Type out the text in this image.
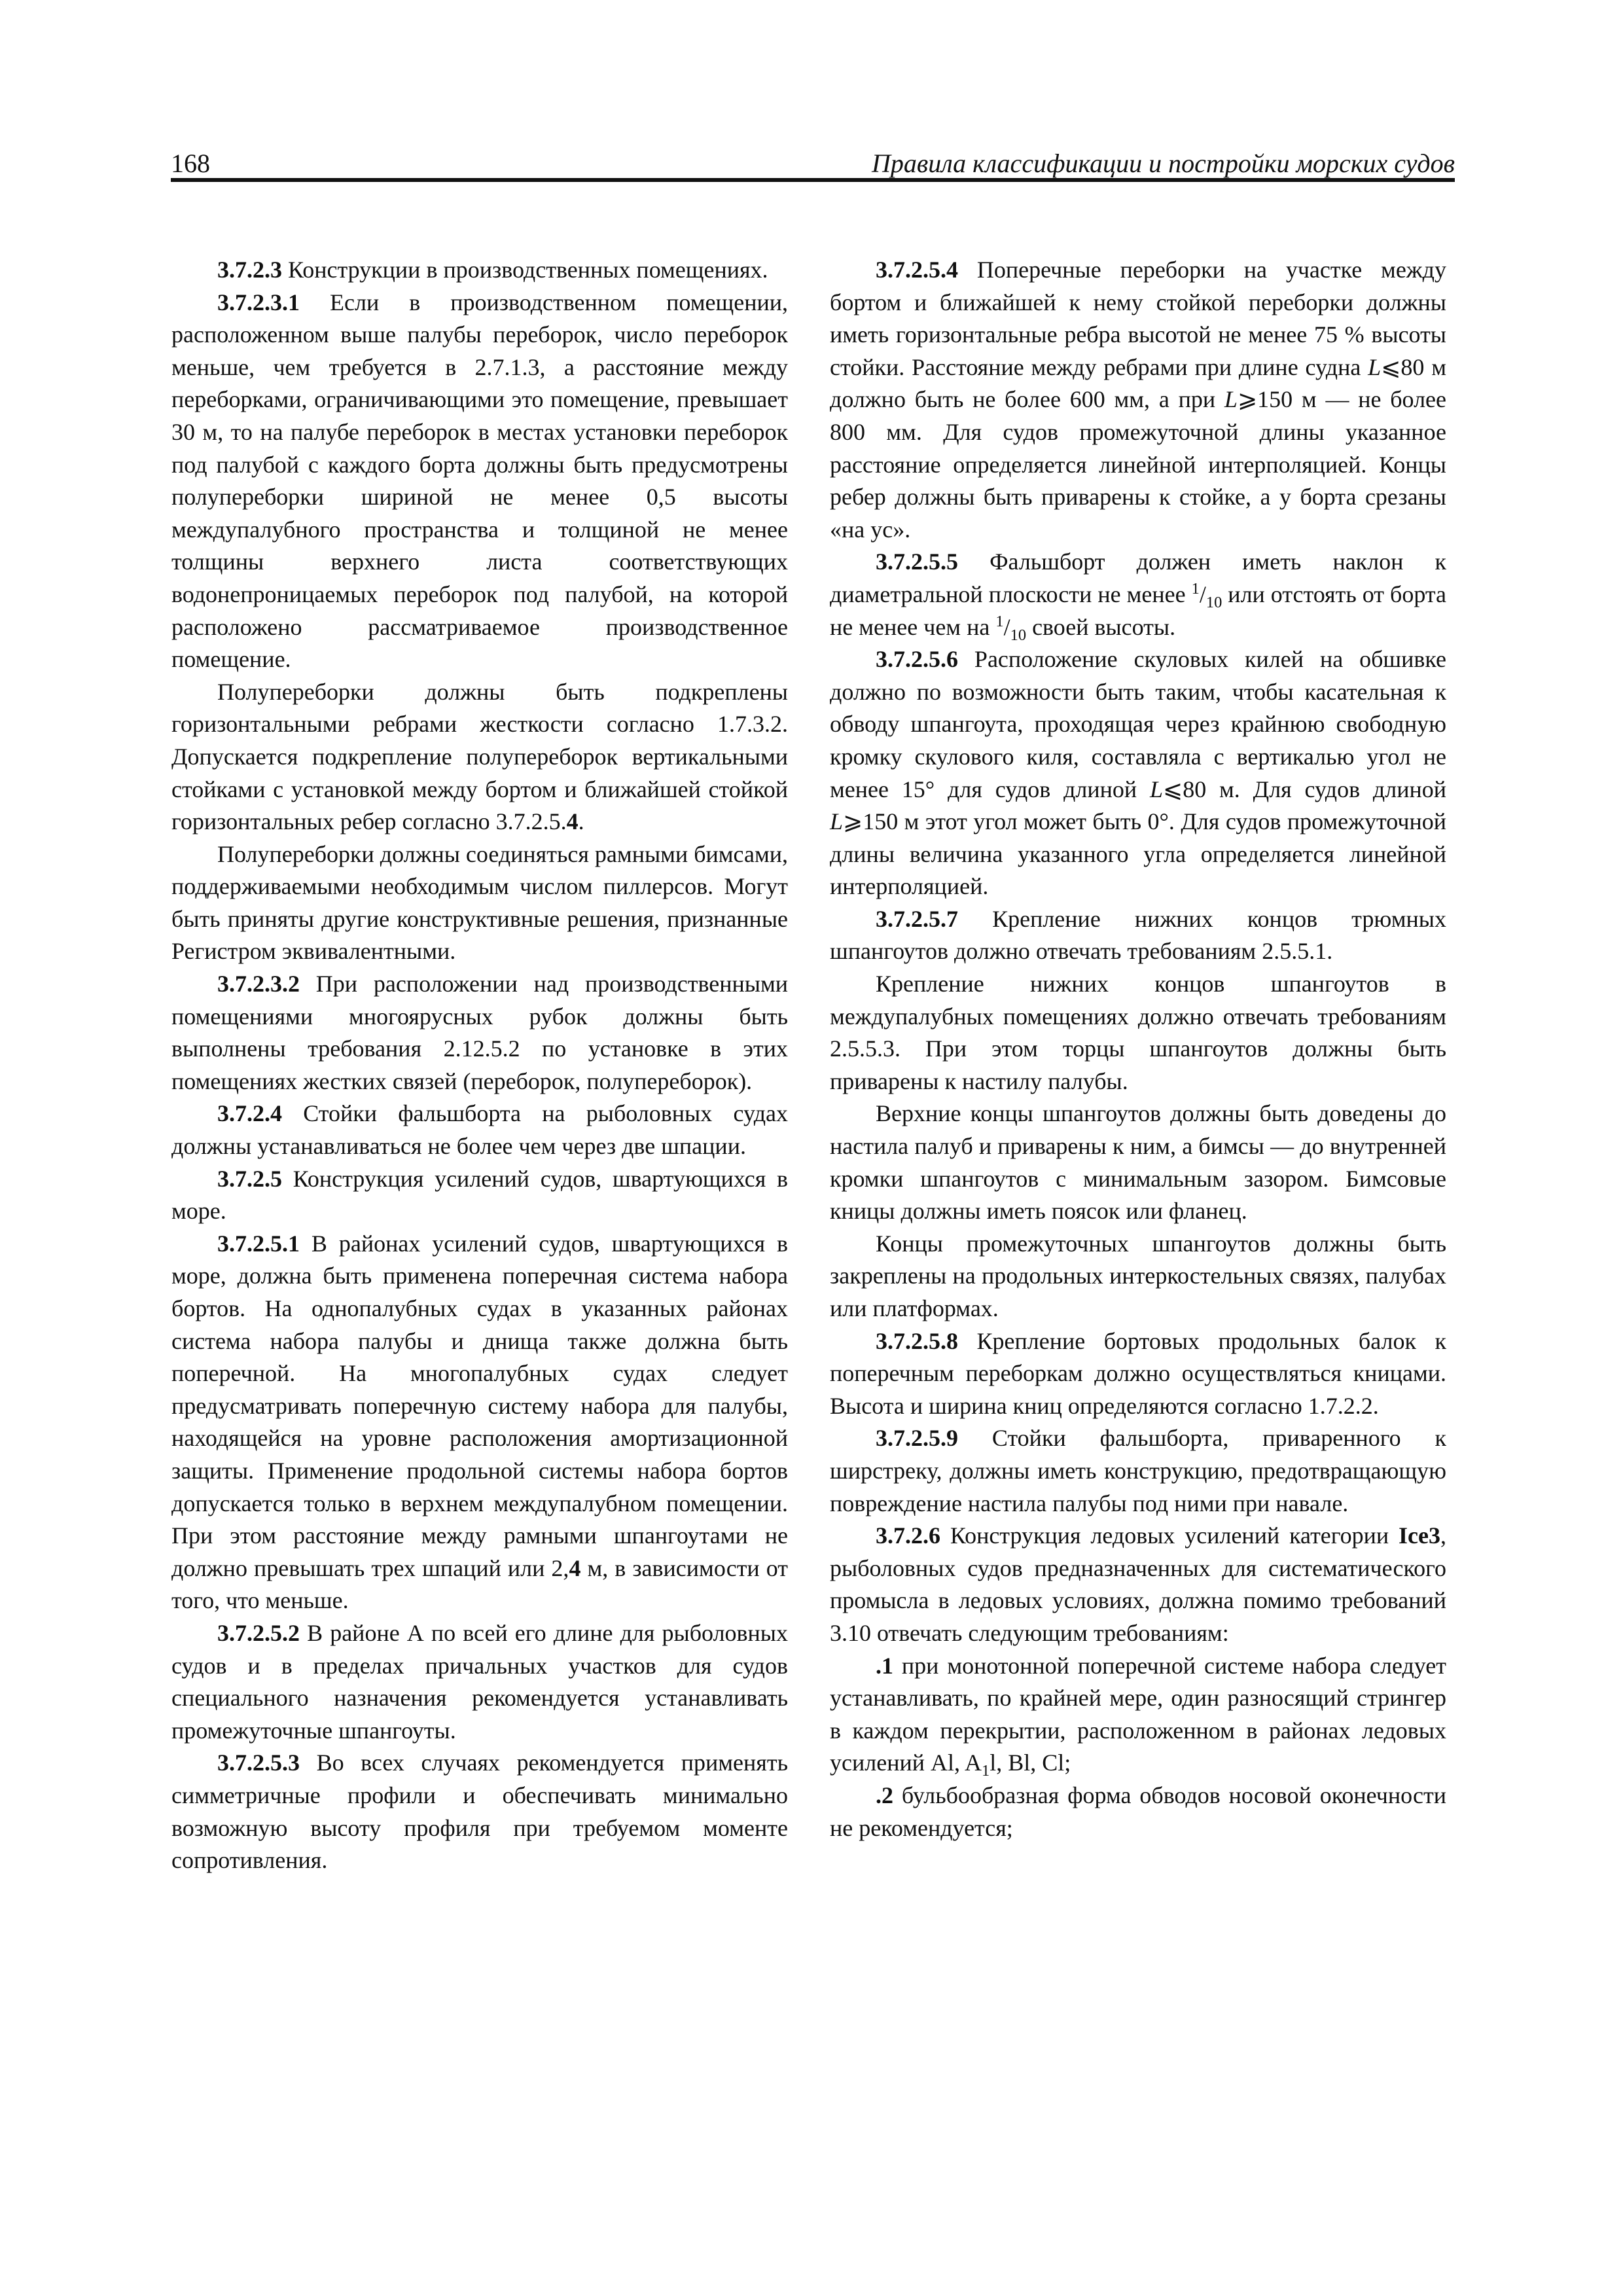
168	Правила классификации и постройки морских судов

3.7.2.3 Конструкции в производственных помещениях.

3.7.2.3.1 Если в производственном помещении, расположенном выше палубы переборок, число переборок меньше, чем требуется в 2.7.1.3, а расстояние между переборками, ограничивающими это помещение, превышает 30 м, то на палубе переборок в местах установки переборок под палубой с каждого борта должны быть предусмотрены полупереборки шириной не менее 0,5 высоты междупалубного пространства и толщиной не менее толщины верхнего листа соответствующих водонепроницаемых переборок под палубой, на которой расположено рассматриваемое производственное помещение.

Полупереборки должны быть подкреплены горизонтальными ребрами жесткости согласно 1.7.3.2. Допускается подкрепление полупереборок вертикальными стойками с установкой между бортом и ближайшей стойкой горизонтальных ребер согласно 3.7.2.5.4.

Полупереборки должны соединяться рамными бимсами, поддерживаемыми необходимым числом пиллерсов. Могут быть приняты другие конструктивные решения, признанные Регистром эквивалентными.

3.7.2.3.2 При расположении над производственными помещениями многоярусных рубок должны быть выполнены требования 2.12.5.2 по установке в этих помещениях жестких связей (переборок, полупереборок).

3.7.2.4 Стойки фальшборта на рыболовных судах должны устанавливаться не более чем через две шпации.

3.7.2.5 Конструкция усилений судов, швартующихся в море.

3.7.2.5.1 В районах усилений судов, швартующихся в море, должна быть применена поперечная система набора бортов. На однопалубных судах в указанных районах система набора палубы и днища также должна быть поперечной. На многопалубных судах следует предусматривать поперечную систему набора для палубы, находящейся на уровне расположения амортизационной защиты. Применение продольной системы набора бортов допускается только в верхнем междупалубном помещении. При этом расстояние между рамными шпангоутами не должно превышать трех шпаций или 2,4 м, в зависимости от того, что меньше.

3.7.2.5.2 В районе А по всей его длине для рыболовных судов и в пределах причальных участков для судов специального назначения рекомендуется устанавливать промежуточные шпангоуты.

3.7.2.5.3 Во всех случаях рекомендуется применять симметричные профили и обеспечивать минимально возможную высоту профиля при требуемом моменте сопротивления.

3.7.2.5.4 Поперечные переборки на участке между бортом и ближайшей к нему стойкой переборки должны иметь горизонтальные ребра высотой не менее 75 % высоты стойки. Расстояние между ребрами при длине судна L⩽80 м должно быть не более 600 мм, а при L⩾150 м — не более 800 мм. Для судов промежуточной длины указанное расстояние определяется линейной интерполяцией. Концы ребер должны быть приварены к стойке, а у борта срезаны «на ус».

3.7.2.5.5 Фальшборт должен иметь наклон к диаметральной плоскости не менее $^1/_{10}$ или отстоять от борта не менее чем на $^1/_{10}$ своей высоты.

3.7.2.5.6 Расположение скуловых килей на обшивке должно по возможности быть таким, чтобы касательная к обводу шпангоута, проходящая через крайнюю свободную кромку скулового киля, составляла с вертикалью угол не менее 15° для судов длиной L⩽80 м. Для судов длиной L⩾150 м этот угол может быть 0°. Для судов промежуточной длины величина указанного угла определяется линейной интерполяцией.

3.7.2.5.7 Крепление нижних концов трюмных шпангоутов должно отвечать требованиям 2.5.5.1.

Крепление нижних концов шпангоутов в междупалубных помещениях должно отвечать требованиям 2.5.5.3. При этом торцы шпангоутов должны быть приварены к настилу палубы.

Верхние концы шпангоутов должны быть доведены до настила палуб и приварены к ним, а бимсы — до внутренней кромки шпангоутов с минимальным зазором. Бимсовые кницы должны иметь поясок или фланец.

Концы промежуточных шпангоутов должны быть закреплены на продольных интеркостельных связях, палубах или платформах.

3.7.2.5.8 Крепление бортовых продольных балок к поперечным переборкам должно осуществляться кницами. Высота и ширина книц определяются согласно 1.7.2.2.

3.7.2.5.9 Стойки фальшборта, приваренного к ширстреку, должны иметь конструкцию, предотвращающую повреждение настила палубы под ними при навале.

3.7.2.6 Конструкция ледовых усилений категории Ice3, рыболовных судов предназначенных для систематического промысла в ледовых условиях, должна помимо требований 3.10 отвечать следующим требованиям:

.1 при монотонной поперечной системе набора следует устанавливать, по крайней мере, один разносящий стрингер в каждом перекрытии, расположенном в районах ледовых усилений Al, $A_1l$, Bl, Cl;

.2 бульбообразная форма обводов носовой оконечности не рекомендуется;
